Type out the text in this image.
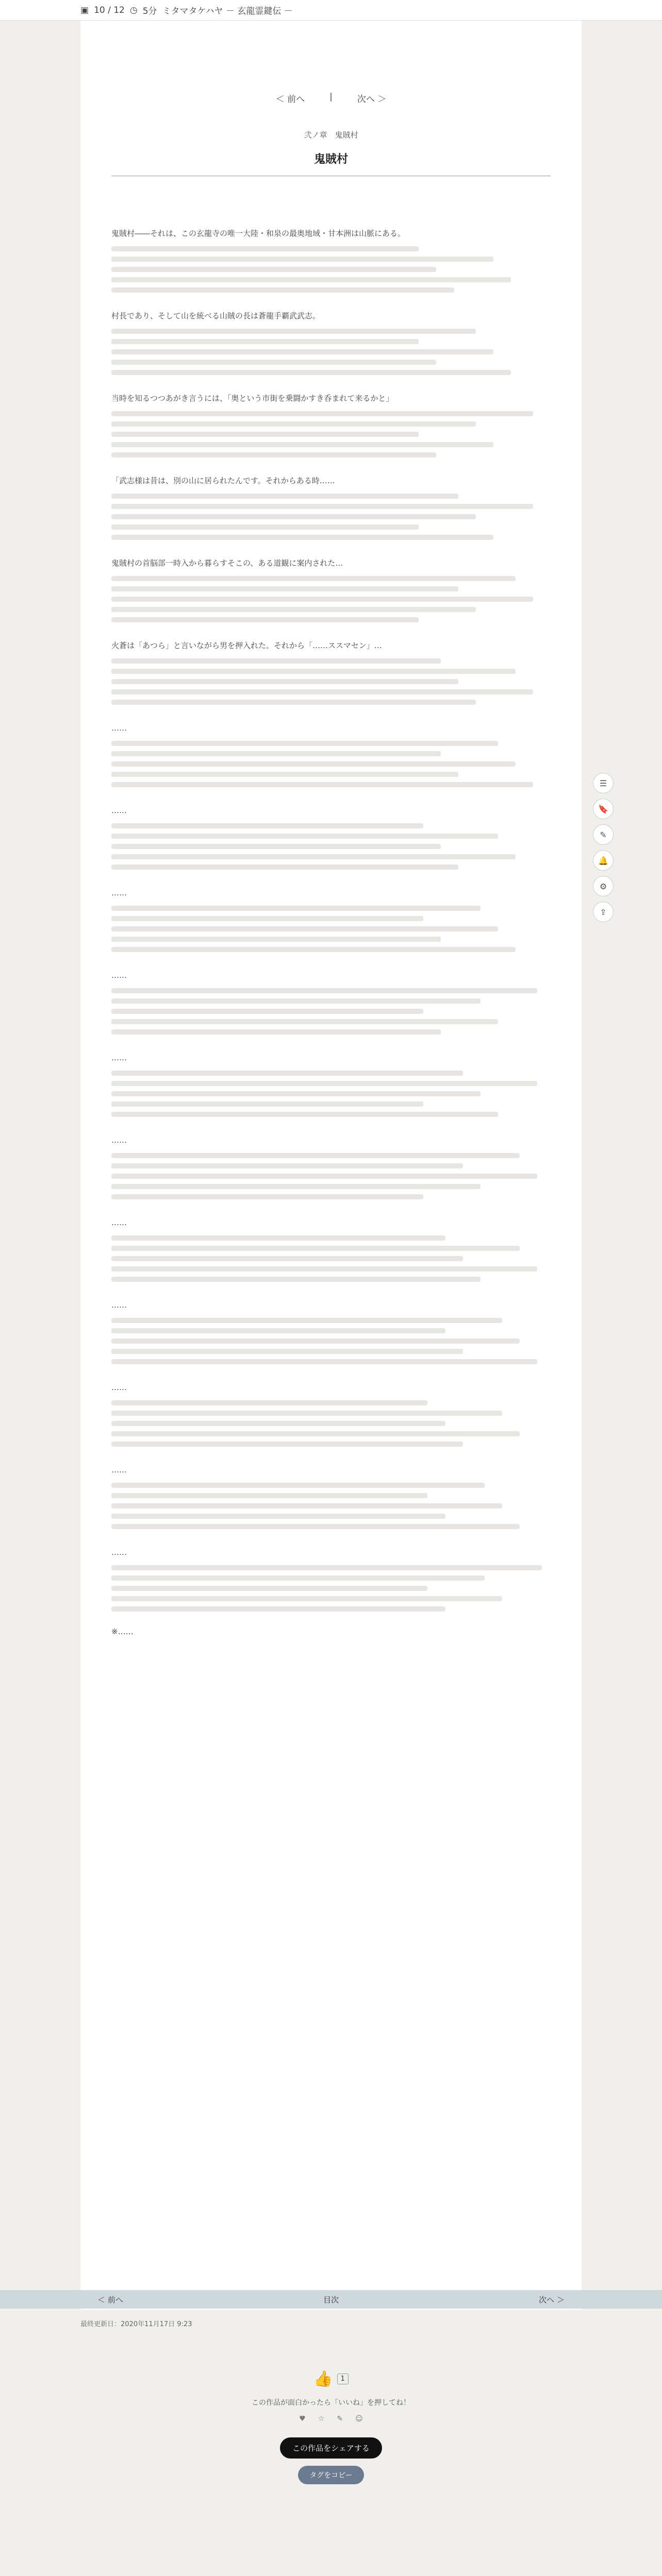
▣ 10 / 12 ◷ 5分 ミタマタケハヤ － 玄龍霊鍵伝 －
＜ 前へ	|	次へ ＞
弐ノ章　鬼賊村
鬼賊村
鬼賊村――それは、この玄龍寺の唯一大陸・和泉の最奥地域・甘本洲は山脈にある。
村長であり、そして山を統べる山賊の長は蒼龍手覇武武志。
当時を知るつつあがき言うには、「奥という市街を乗闘かすき呑まれて来るかと」
「武志様は昔は、別の山に居られたんです。それからある時……
鬼賊村の首脳部一時入から暮らすそこの、ある道観に案内された…
火蒼は「あつら」と言いながら男を押入れた。それから「……ススマセン」…
……
……
……
……
……
……
……
……
……
……
……
※……
＜ 前へ	目次	次へ ＞
最終更新日：2020年11月17日 9:23
👍	1
この作品が面白かったら「いいね」を押してね！
♥ ☆ ✎ ☺
この作品をシェアする
タグをコピー
☰
🔖
✎
🔔
⚙
⇪
